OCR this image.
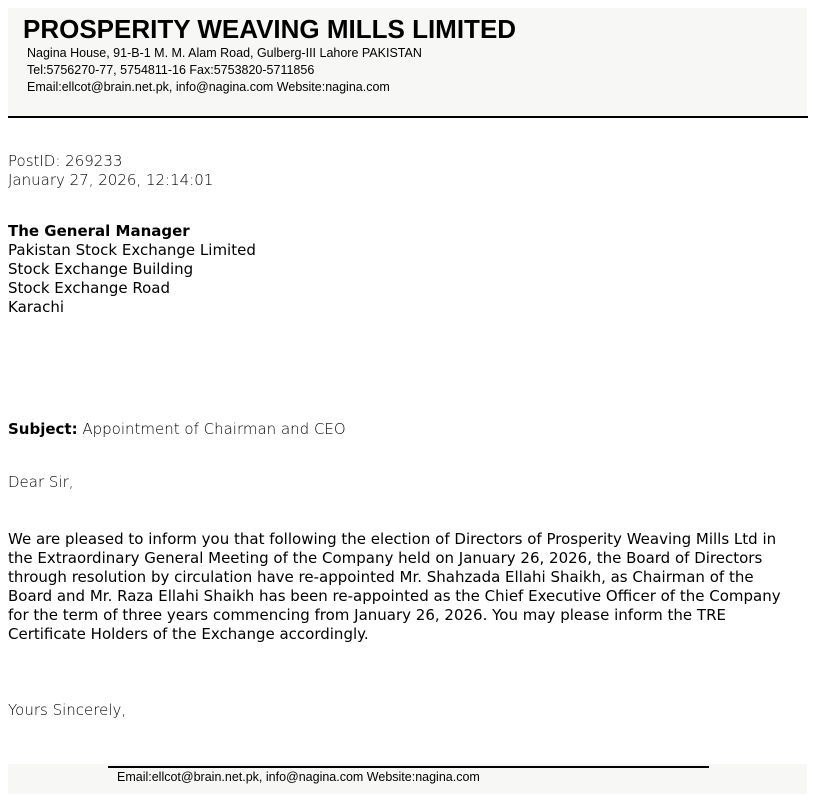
PROSPERITY WEAVING MILLS LIMITED
Nagina House, 91-B-1 M. M. Alam Road, Gulberg-III Lahore PAKISTAN
Tel:5756270-77, 5754811-16 Fax:5753820-5711856
Email:ellcot@brain.net.pk, info@nagina.com Website:nagina.com
PostID: 269233
January 27, 2026, 12:14:01
The General Manager
Pakistan Stock Exchange Limited
Stock Exchange Building
Stock Exchange Road
Karachi
Subject: Appointment of Chairman and CEO
Dear Sir,
We are pleased to inform you that following the election of Directors of Prosperity Weaving Mills Ltd in the Extraordinary General Meeting of the Company held on January 26, 2026, the Board of Directors through resolution by circulation have re-appointed Mr. Shahzada Ellahi Shaikh, as Chairman of the Board and Mr. Raza Ellahi Shaikh has been re-appointed as the Chief Executive Officer of the Company for the term of three years commencing from January 26, 2026. You may please inform the TRE Certificate Holders of the Exchange accordingly.
Yours Sincerely,
Email:ellcot@brain.net.pk, info@nagina.com Website:nagina.com
